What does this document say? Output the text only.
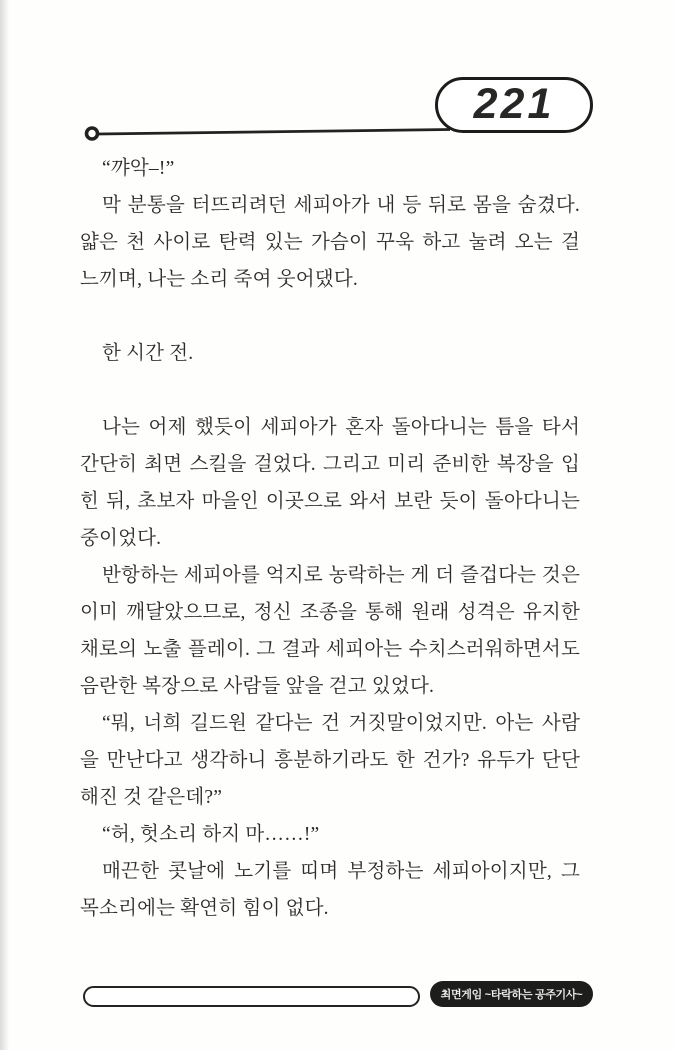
221
“꺄악–!”
막 분통을 터뜨리려던 세피아가 내 등 뒤로 몸을 숨겼다.
얇은 천 사이로 탄력 있는 가슴이 꾸욱 하고 눌려 오는 걸
느끼며, 나는 소리 죽여 웃어댔다.

한 시간 전.

나는 어제 했듯이 세피아가 혼자 돌아다니는 틈을 타서
간단히 최면 스킬을 걸었다. 그리고 미리 준비한 복장을 입
힌 뒤, 초보자 마을인 이곳으로 와서 보란 듯이 돌아다니는
중이었다.
반항하는 세피아를 억지로 농락하는 게 더 즐겁다는 것은
이미 깨달았으므로, 정신 조종을 통해 원래 성격은 유지한
채로의 노출 플레이. 그 결과 세피아는 수치스러워하면서도
음란한 복장으로 사람들 앞을 걷고 있었다.
“뭐, 너희 길드원 같다는 건 거짓말이었지만. 아는 사람
을 만난다고 생각하니 흥분하기라도 한 건가? 유두가 단단
해진 것 같은데?”
“허, 헛소리 하지 마……!”
매끈한 콧날에 노기를 띠며 부정하는 세피아이지만, 그
목소리에는 확연히 힘이 없다.
최면게임 ~타락하는 공주기사~
